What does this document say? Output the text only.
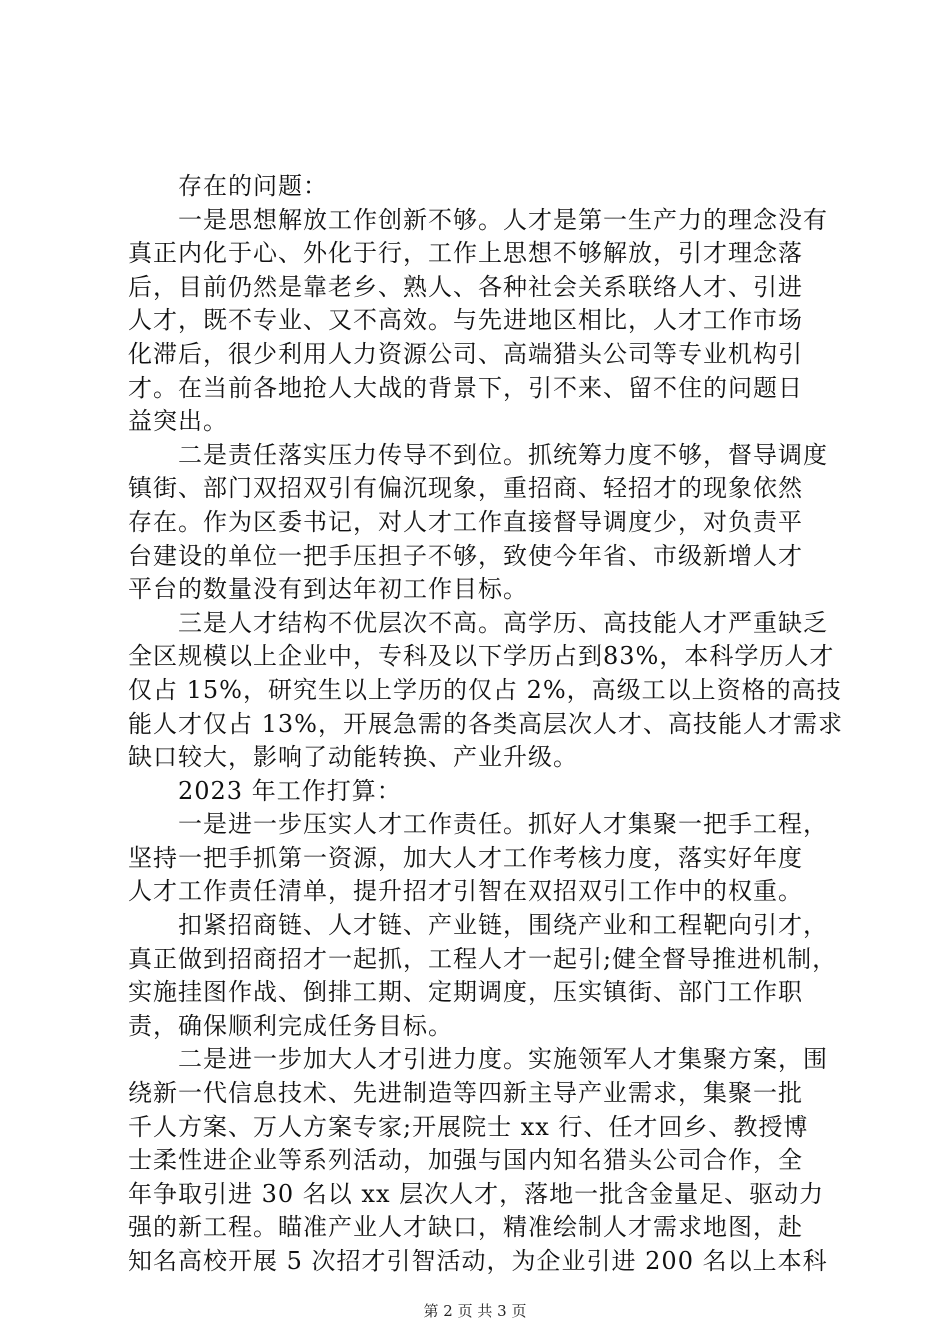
存在的问题：
一是思想解放工作创新不够。人才是第一生产力的理念没有
真正内化于心、外化于行，工作上思想不够解放，引才理念落
后，目前仍然是靠老乡、熟人、各种社会关系联络人才、引进
人才，既不专业、又不高效。与先进地区相比，人才工作市场
化滞后，很少利用人力资源公司、高端猎头公司等专业机构引
才。在当前各地抢人大战的背景下，引不来、留不住的问题日
益突出。
二是责任落实压力传导不到位。抓统筹力度不够，督导调度
镇街、部门双招双引有偏沉现象，重招商、轻招才的现象依然
存在。作为区委书记，对人才工作直接督导调度少，对负责平
台建设的单位一把手压担子不够，致使今年省、市级新增人才
平台的数量没有到达年初工作目标。
三是人才结构不优层次不高。高学历、高技能人才严重缺乏
全区规模以上企业中，专科及以下学历占到83%，本科学历人才
仅占 15%，研究生以上学历的仅占 2%，高级工以上资格的高技
能人才仅占 13%，开展急需的各类高层次人才、高技能人才需求
缺口较大，影响了动能转换、产业升级。
2023 年工作打算：
一是进一步压实人才工作责任。抓好人才集聚一把手工程，
坚持一把手抓第一资源，加大人才工作考核力度，落实好年度
人才工作责任清单，提升招才引智在双招双引工作中的权重。
扣紧招商链、人才链、产业链，围绕产业和工程靶向引才，
真正做到招商招才一起抓，工程人才一起引;健全督导推进机制，
实施挂图作战、倒排工期、定期调度，压实镇街、部门工作职
责，确保顺利完成任务目标。
二是进一步加大人才引进力度。实施领军人才集聚方案，围
绕新一代信息技术、先进制造等四新主导产业需求，集聚一批
千人方案、万人方案专家;开展院士 xx 行、任才回乡、教授博
士柔性进企业等系列活动，加强与国内知名猎头公司合作，全
年争取引进 30 名以 xx 层次人才，落地一批含金量足、驱动力
强的新工程。瞄准产业人才缺口，精准绘制人才需求地图，赴
知名高校开展 5 次招才引智活动，为企业引进 200 名以上本科
第 2 页 共 3 页
